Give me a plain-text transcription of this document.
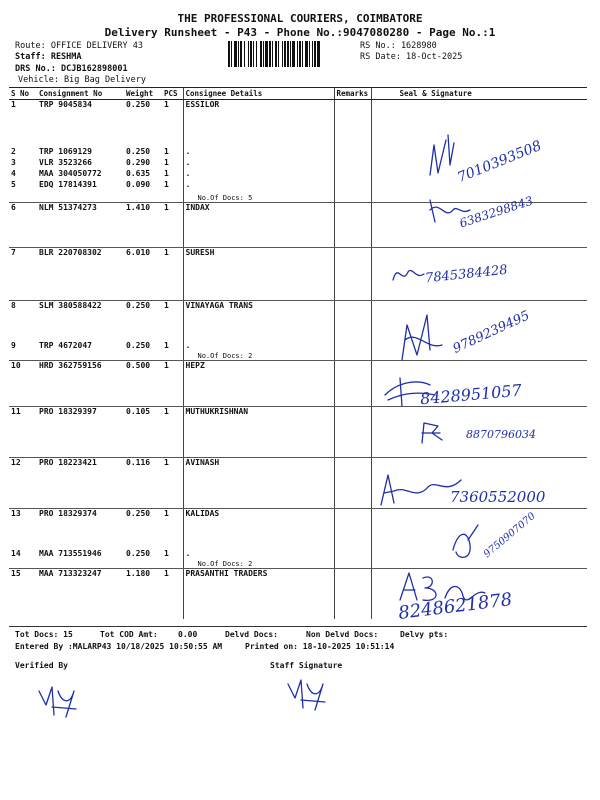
THE PROFESSIONAL COURIERS, COIMBATORE
Delivery Runsheet - P43 - Phone No.:9047080280 - Page No.:1
Route: OFFICE DELIVERY 43
Staff: RESHMA
DRS No.: DCJB162898001
Vehicle: Big Bag Delivery
RS No.: 1628980
RS Date: 18-Oct-2025
S No	Consignment No	Weight	PCS	Consignee Details	Remarks	Seal & Signature
1	TRP 9045834	0.250	1	ESSILOR		
2	TRP 1069129	0.250	1	.		
3	VLR 3523266	0.290	1	.		
4	MAA 304050772	0.635	1	.		
5	EDQ 17814391	0.090	1	.		
				No.Of Docs: 5		
6	NLM 51374273	1.410	1	INDAX		
7	BLR 220708302	6.010	1	SURESH		
8	SLM 380588422	0.250	1	VINAYAGA TRANS		
9	TRP 4672047	0.250	1	.		
				No.Of Docs: 2		
10	HRD 362759156	0.500	1	HEPZ		
11	PRO 18329397	0.105	1	MUTHUKRISHNAN		
12	PRO 18223421	0.116	1	AVINASH		
13	PRO 18329374	0.250	1	KALIDAS		
14	MAA 713551946	0.250	1	.		
				No.Of Docs: 2		
15	MAA 713323247	1.180	1	PRASANTHI TRADERS		
7010393508
6383298843
7845384428
9789239495
8428951057
8870796034
7360552000
9750907070
8248621878
Tot Docs: 15	Tot COD Amt:	0.00	Delvd Docs:	Non Delvd Docs:	Delvy pts:
Entered By :MALARP43 10/18/2025 10:50:55 AM	Printed on: 18-10-2025 10:51:14
Verified By	Staff Signature
